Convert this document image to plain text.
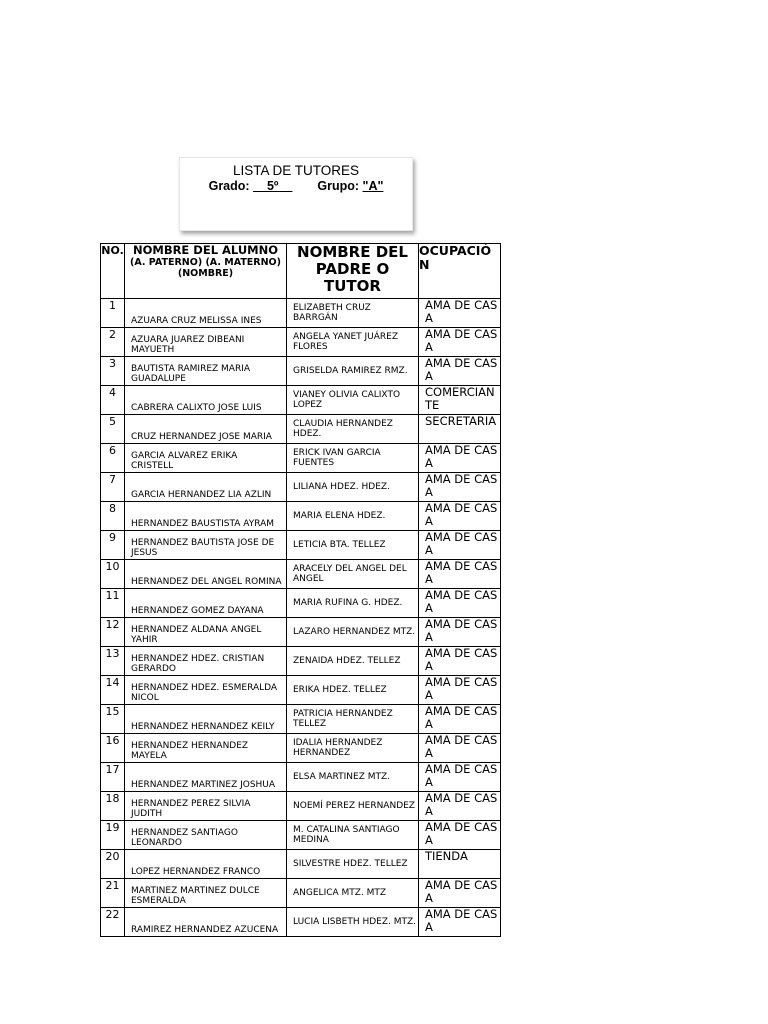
LISTA DE TUTORES
Grado: __5º__ Grupo: "A"
NO.	NOMBRE DEL ALUMNO
(A. PATERNO) (A. MATERNO)
(NOMBRE)	NOMBRE DEL PADRE O TUTOR	OCUPACIÓN
1	AZUARA CRUZ MELISSA INES	ELIZABETH CRUZ BARRGÁN	AMA DE CASA
2	AZUARA JUAREZ DIBEANI MAYUETH	ANGELA YANET JUÁREZ FLORES	AMA DE CASA
3	BAUTISTA RAMIREZ MARIA GUADALUPE	GRISELDA RAMIREZ RMZ.	AMA DE CASA
4	CABRERA CALIXTO JOSE LUIS	VIANEY OLIVIA CALIXTO LOPEZ	COMERCIANTE
5	CRUZ HERNANDEZ JOSE MARIA	CLAUDIA HERNANDEZ HDEZ.	SECRETARIA
6	GARCIA ALVAREZ ERIKA CRISTELL	ERICK IVAN GARCIA FUENTES	AMA DE CASA
7	GARCIA HERNANDEZ LIA AZLIN	LILIANA HDEZ. HDEZ.	AMA DE CASA
8	HERNANDEZ BAUSTISTA AYRAM	MARIA ELENA HDEZ.	AMA DE CASA
9	HERNANDEZ BAUTISTA JOSE DE JESUS	LETICIA BTA. TELLEZ	AMA DE CASA
10	HERNANDEZ DEL ANGEL ROMINA	ARACELY DEL ANGEL DEL ANGEL	AMA DE CASA
11	HERNANDEZ GOMEZ DAYANA	MARIA RUFINA G. HDEZ.	AMA DE CASA
12	HERNANDEZ ALDANA ANGEL YAHIR	LAZARO HERNANDEZ MTZ.	AMA DE CASA
13	HERNANDEZ HDEZ. CRISTIAN GERARDO	ZENAIDA HDEZ. TELLEZ	AMA DE CASA
14	HERNANDEZ HDEZ. ESMERALDA NICOL	ERIKA HDEZ. TELLEZ	AMA DE CASA
15	HERNANDEZ HERNANDEZ KEILY	PATRICIA HERNANDEZ TELLEZ	AMA DE CASA
16	HERNANDEZ HERNANDEZ MAYELA	IDALIA HERNANDEZ HERNANDEZ	AMA DE CASA
17	HERNANDEZ MARTINEZ JOSHUA	ELSA MARTINEZ MTZ.	AMA DE CASA
18	HERNANDEZ PEREZ SILVIA JUDITH	NOEMÍ PEREZ HERNANDEZ	AMA DE CASA
19	HERNANDEZ SANTIAGO LEONARDO	M. CATALINA SANTIAGO MEDINA	AMA DE CASA
20	LOPEZ HERNANDEZ FRANCO	SILVESTRE HDEZ. TELLEZ	TIENDA
21	MARTINEZ MARTINEZ DULCE ESMERALDA	ANGELICA MTZ. MTZ	AMA DE CASA
22	RAMIREZ HERNANDEZ AZUCENA	LUCIA LISBETH HDEZ. MTZ.	AMA DE CASA
